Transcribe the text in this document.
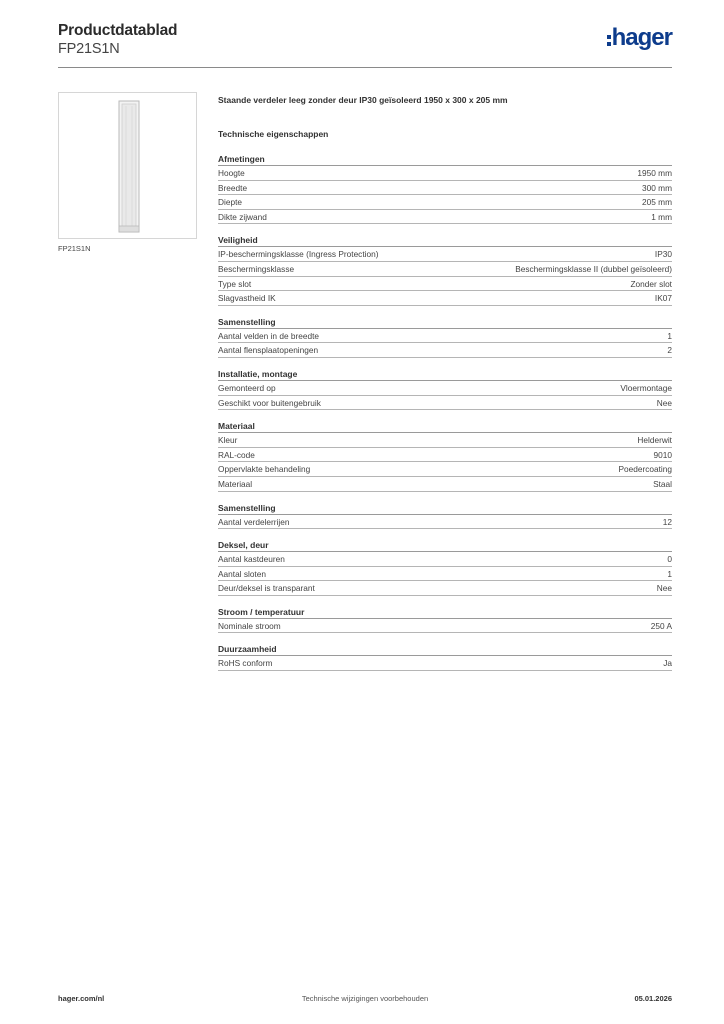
Productdatablad
FP21S1N	hager
FP21S1N
Staande verdeler leeg zonder deur IP30 geïsoleerd 1950 x 300 x 205 mm
Technische eigenschappen
Afmetingen
Hoogte	1950 mm
Breedte	300 mm
Diepte	205 mm
Dikte zijwand	1 mm
Veiligheid
IP-beschermingsklasse (Ingress Protection)	IP30
Beschermingsklasse	Beschermingsklasse II (dubbel geïsoleerd)
Type slot	Zonder slot
Slagvastheid IK	IK07
Samenstelling
Aantal velden in de breedte	1
Aantal flensplaatopeningen	2
Installatie, montage
Gemonteerd op	Vloermontage
Geschikt voor buitengebruik	Nee
Materiaal
Kleur	Helderwit
RAL-code	9010
Oppervlakte behandeling	Poedercoating
Materiaal	Staal
Samenstelling
Aantal verdelerrijen	12
Deksel, deur
Aantal kastdeuren	0
Aantal sloten	1
Deur/deksel is transparant	Nee
Stroom / temperatuur
Nominale stroom	250 A
Duurzaamheid
RoHS conform	Ja
hager.com/nl	Technische wijzigingen voorbehouden	05.01.2026
